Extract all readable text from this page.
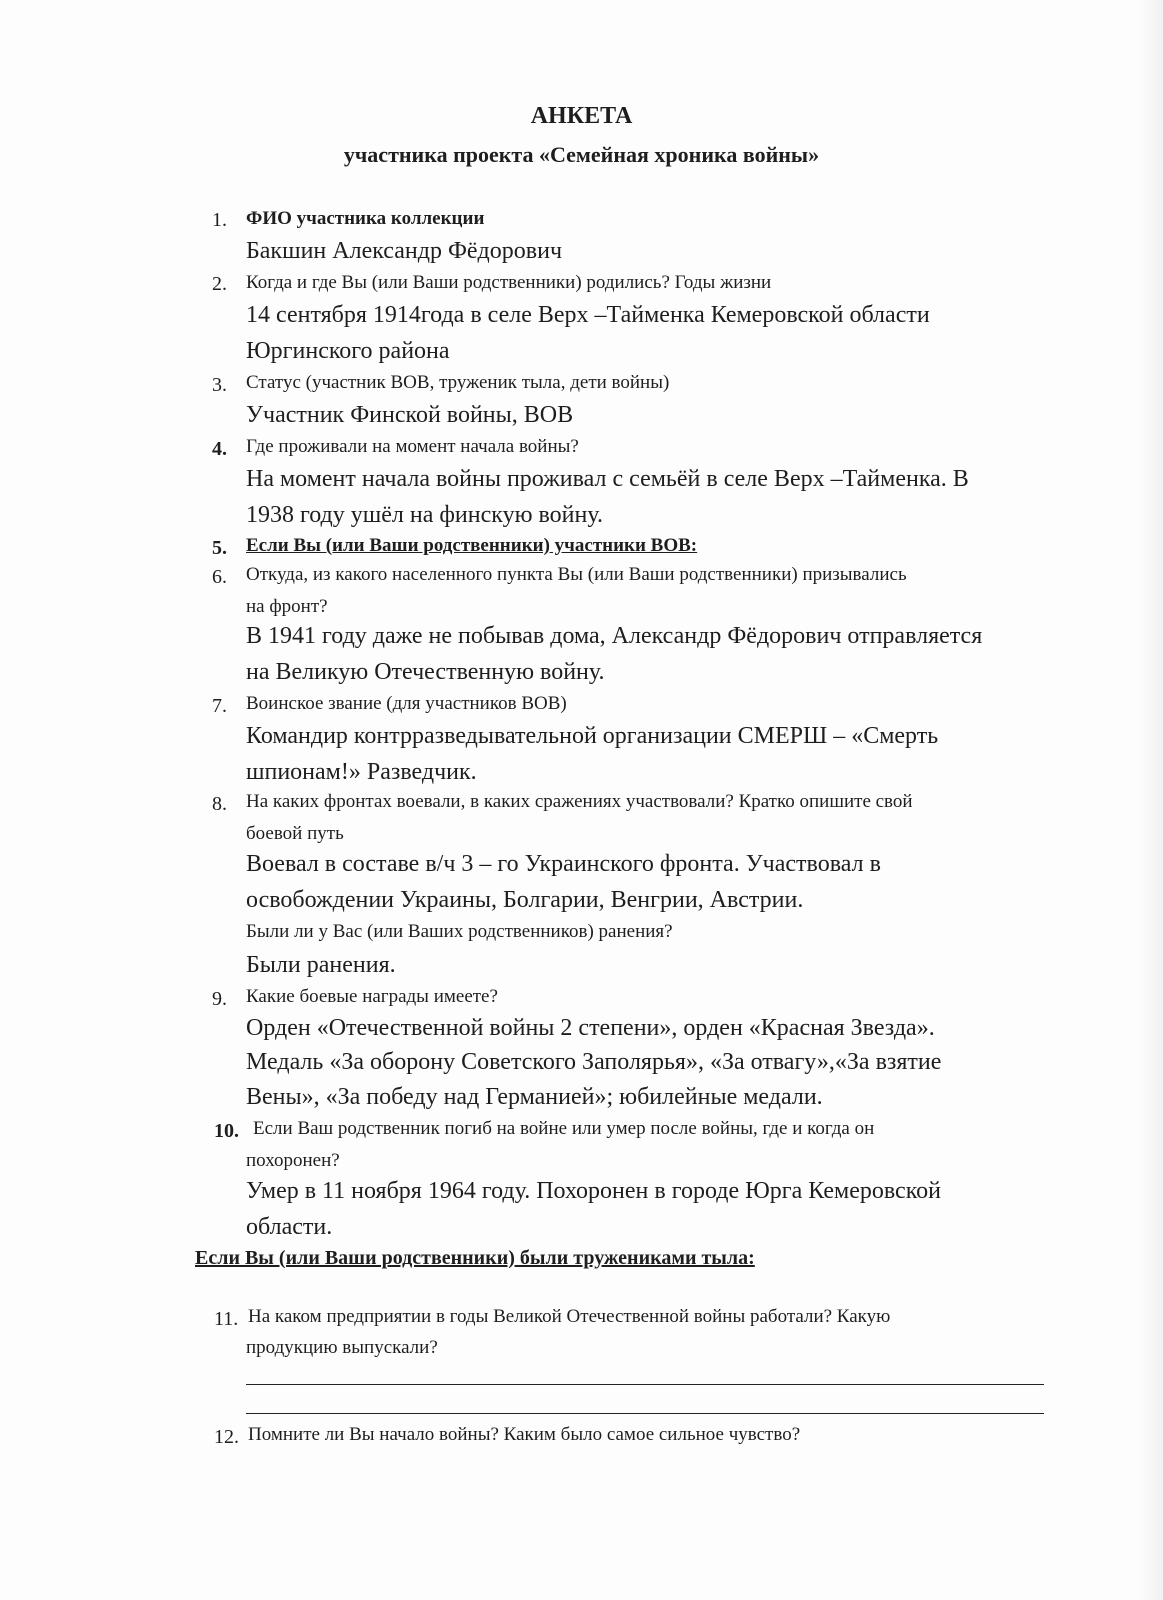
АНКЕТА
участника проекта «Семейная хроника войны»
1.	ФИО участника коллекции
Бакшин Александр Фёдорович
2.	Когда и где Вы (или Ваши родственники) родились? Годы жизни
14 сентября 1914года в селе Верх –Тайменка Кемеровской области
Юргинского района
3.	Статус (участник ВОВ, труженик тыла, дети войны)
Участник Финской войны, ВОВ
4.	Где проживали на момент начала войны?
На момент начала войны проживал с семьёй в селе Верх –Тайменка. В
1938 году ушёл на финскую войну.
5.	Если Вы (или Ваши родственники) участники ВОВ:
6.	Откуда, из какого населенного пункта Вы (или Ваши родственники) призывались
на фронт?
В 1941 году даже не побывав дома, Александр Фёдорович отправляется
на Великую Отечественную войну.
7.	Воинское звание (для участников ВОВ)
Командир контрразведывательной организации СМЕРШ – «Смерть
шпионам!» Разведчик.
8.	На каких фронтах воевали, в каких сражениях участвовали? Кратко опишите свой
боевой путь
Воевал в составе в/ч 3 – го Украинского фронта. Участвовал в
освобождении Украины, Болгарии, Венгрии, Австрии.
Были ли у Вас (или Ваших родственников) ранения?
Были ранения.
9.	Какие боевые награды имеете?
Орден «Отечественной войны 2 степени», орден «Красная Звезда».
Медаль «За оборону Советского Заполярья», «За отвагу»,«За взятие
Вены», «За победу над Германией»; юбилейные медали.
10. Если Ваш родственник погиб на войне или умер после войны, где и когда он
похоронен?
Умер в 11 ноября 1964 году. Похоронен в городе Юрга Кемеровской
области.
Если Вы (или Ваши родственники) были тружениками тыла:
11. На каком предприятии в годы Великой Отечественной войны работали? Какую
продукцию выпускали?
12. Помните ли Вы начало войны? Каким было самое сильное чувство?
